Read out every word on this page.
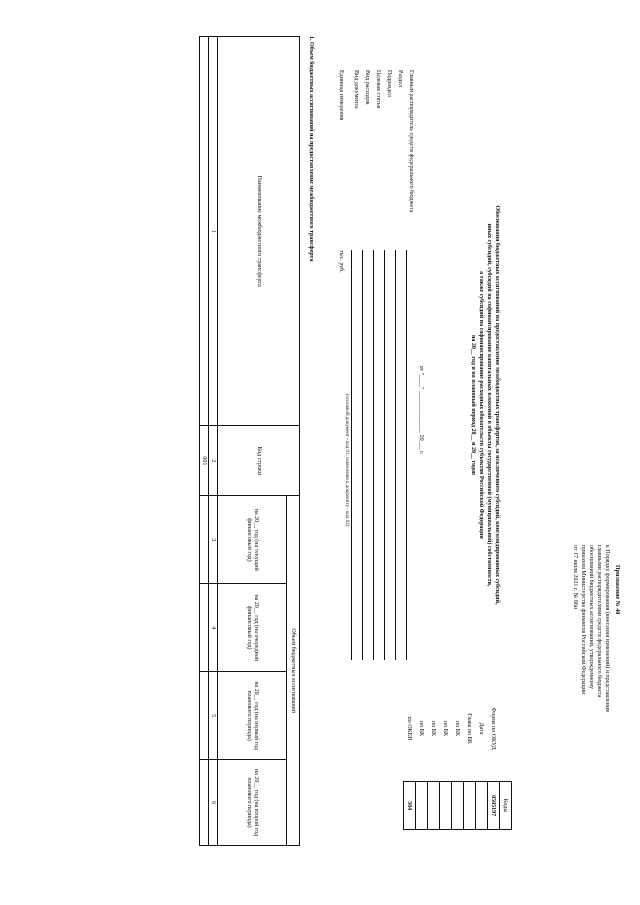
Приложение № 40
к Порядку формирования (внесения изменений) и представления
главными распорядителями средств федерального бюджета
обоснований бюджетных ассигнований, утвержденному
приказом Министерства финансов Российской Федерации
от 17 июля 2021 г. № 86н
Обоснования бюджетных ассигнований на предоставление межбюджетных трансфертов, за исключением субсидий, консолидированных субсидий,
иных субсидий, субсидий на софинансирование капитальных вложений в объекты государственной (муниципальной) собственности,
а также субсидий на софинансирование расходных обязательств субъектов Российской Федерации
на 20__ год и на плановый период 20__ и 20__ годов
от "____" ______________ 20___ г.
	Коды
Форма по ОКУД	0505197
Дата	
Глава по БК	
по БК	
по БК	
по БК	
по БК	
по ОКЕИ	384
Главный распорядитель средств федерального бюджета
Раздел
Подраздел
Целевая статья
Вид расходов
Вид документа
(основной документ - код 01; изменения к документу - код 02)
Единица измерения
тыс. руб.
1. Объем бюджетных ассигнований на предоставление межбюджетного трансферта
Наименование межбюджетного трансферта	Код строки	Объем бюджетных ассигнований			
		на 20__ год (на текущий финансовый год)	на 20__ год (на очередной финансовый год)	на 20__ год (на первый год планового периода)	на 20__ год (на второй год планового периода)
1	2	3	4	5	6
	001				
